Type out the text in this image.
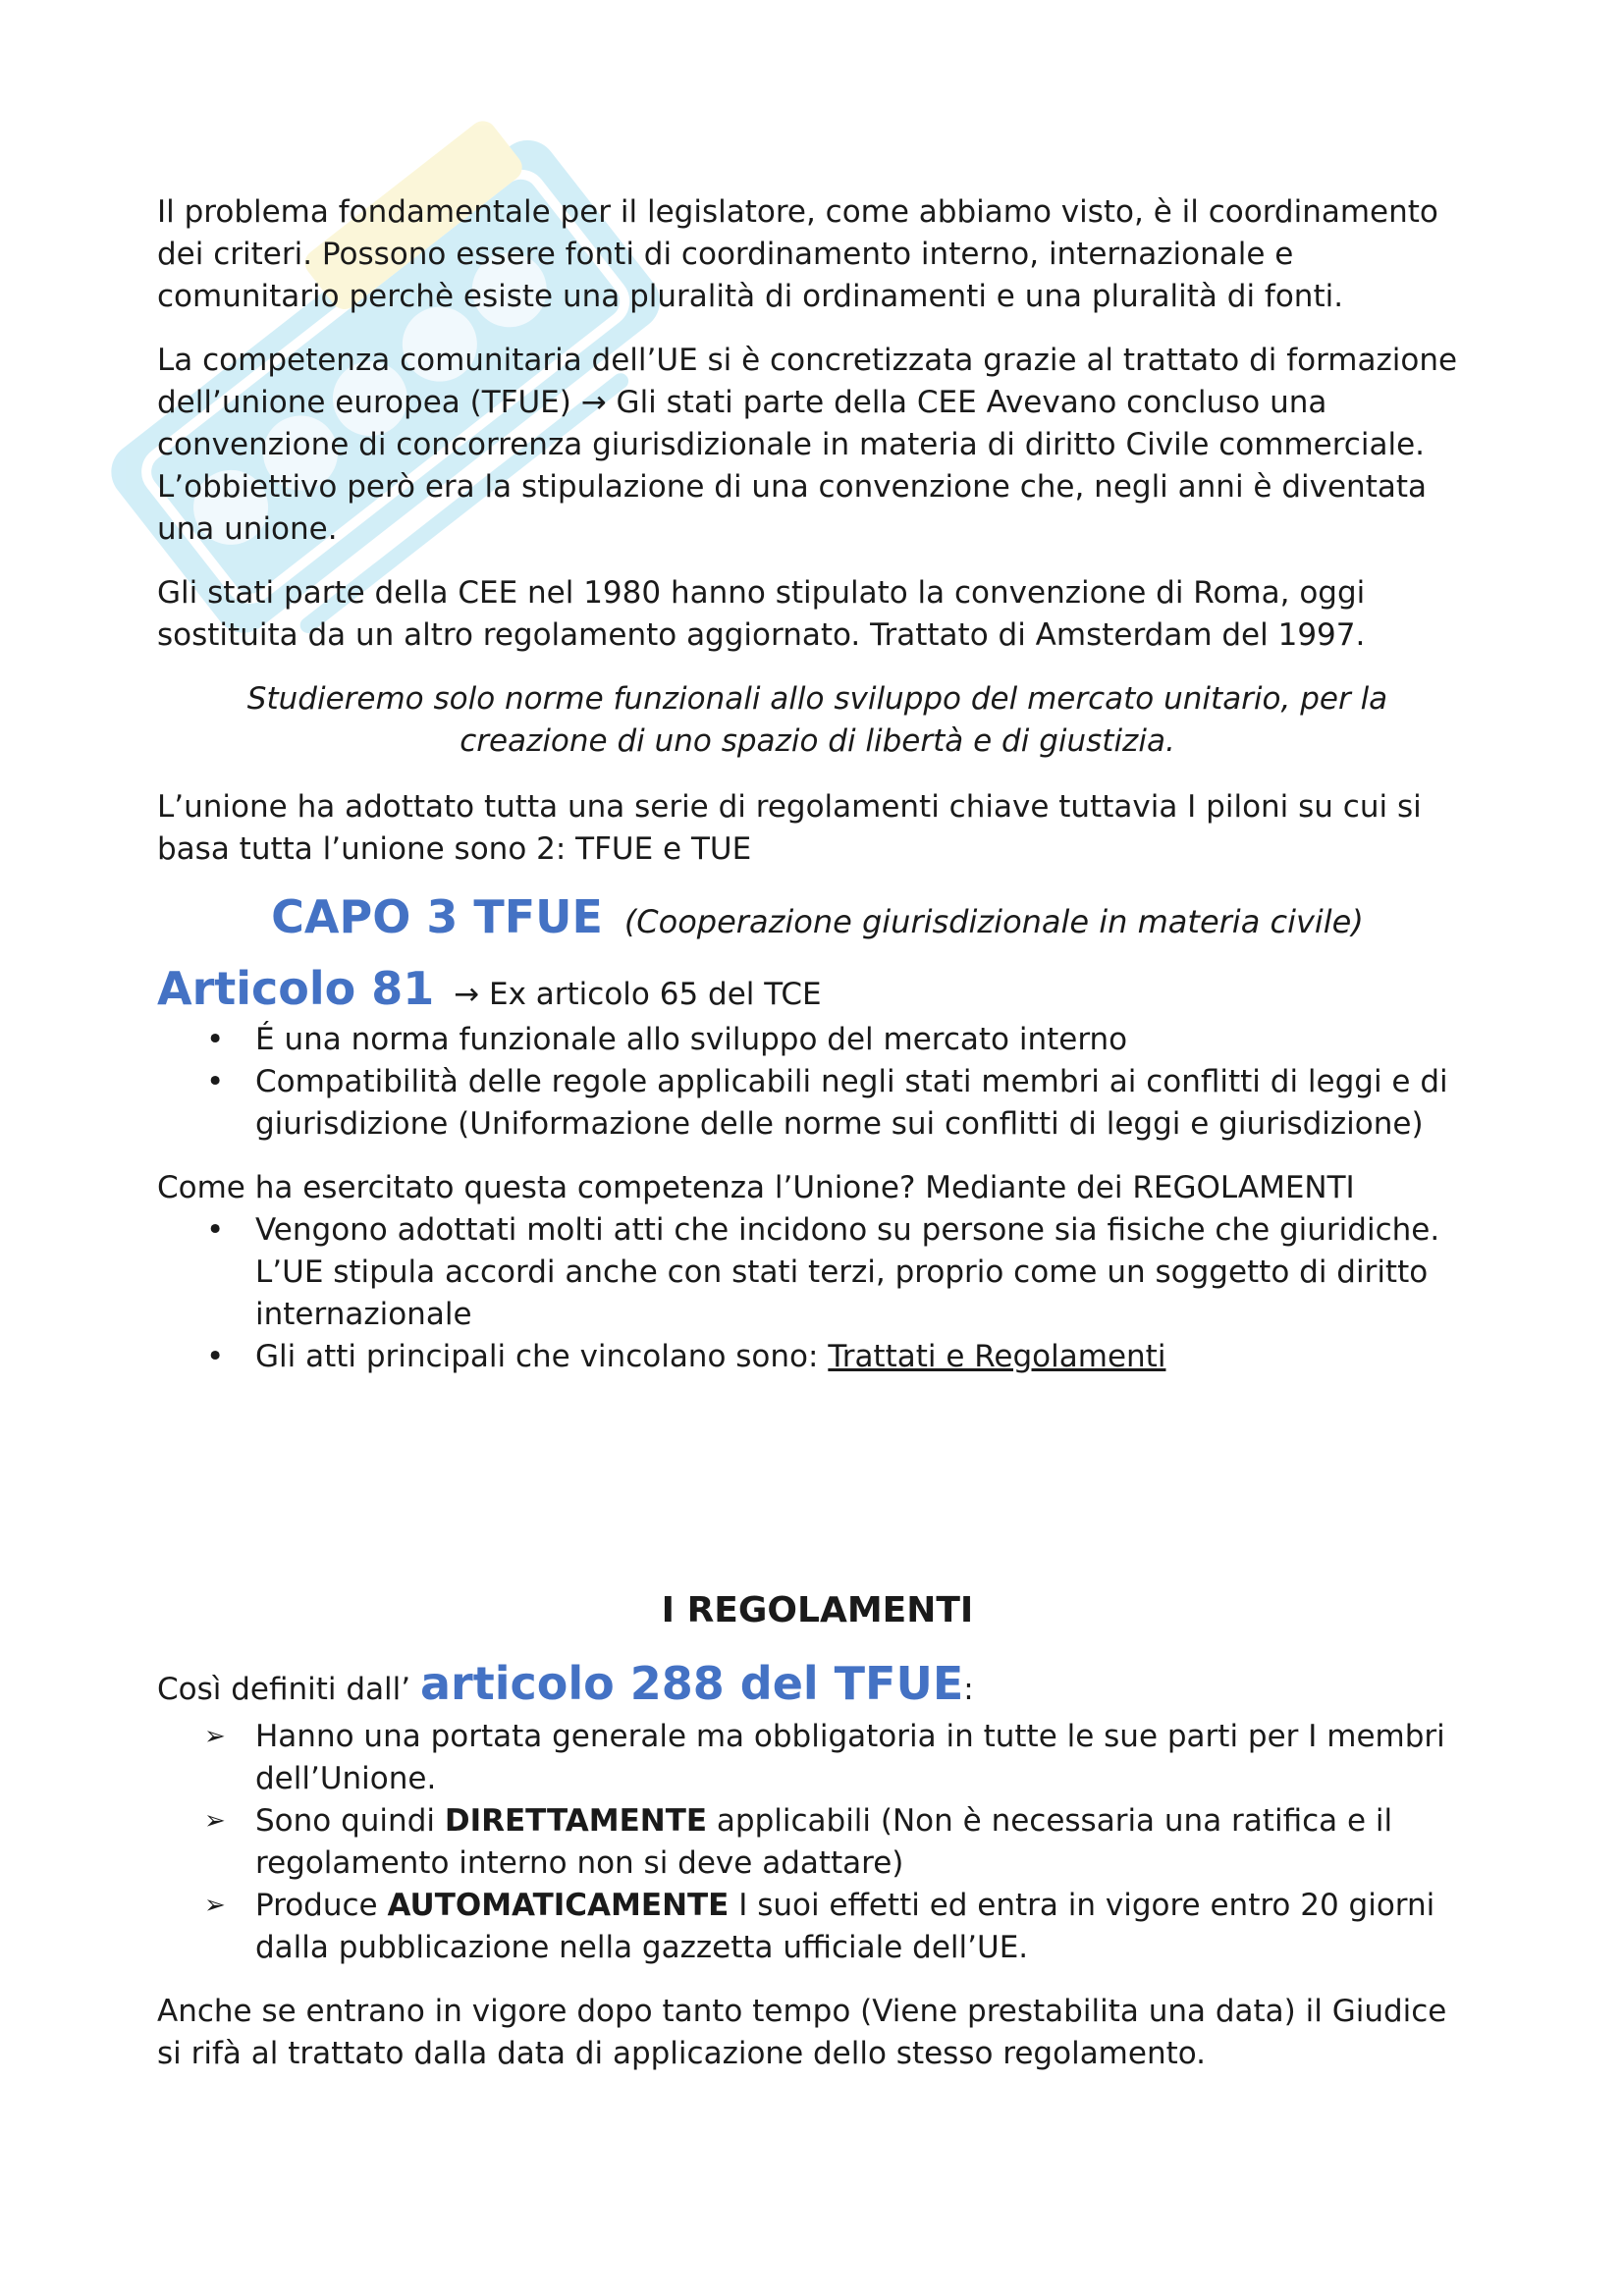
Il problema fondamentale per il legislatore, come abbiamo visto, è il coordinamento dei criteri. Possono essere fonti di coordinamento interno, internazionale e comunitario perchè esiste una pluralità di ordinamenti e una pluralità di fonti.

La competenza comunitaria dell’UE si è concretizzata grazie al trattato di formazione dell’unione europea (TFUE) → Gli stati parte della CEE Avevano concluso una convenzione di concorrenza giurisdizionale in materia di diritto Civile commerciale. L’obbiettivo però era la stipulazione di una convenzione che, negli anni è diventata una unione.

Gli stati parte della CEE nel 1980 hanno stipulato la convenzione di Roma, oggi sostituita da un altro regolamento aggiornato. Trattato di Amsterdam del 1997.

Studieremo solo norme funzionali allo sviluppo del mercato unitario, per la creazione di uno spazio di libertà e di giustizia.

L’unione ha adottato tutta una serie di regolamenti chiave tuttavia I piloni su cui si basa tutta l’unione sono 2: TFUE e TUE

CAPO 3 TFUE (Cooperazione giurisdizionale in materia civile)
Articolo 81 → Ex articolo 65 del TCE
• É una norma funzionale allo sviluppo del mercato interno
• Compatibilità delle regole applicabili negli stati membri ai conflitti di leggi e di giurisdizione (Uniformazione delle norme sui conflitti di leggi e giurisdizione)

Come ha esercitato questa competenza l’Unione? Mediante dei REGOLAMENTI

• Vengono adottati molti atti che incidono su persone sia fisiche che giuridiche. L’UE stipula accordi anche con stati terzi, proprio come un soggetto di diritto internazionale
• Gli atti principali che vincolano sono: Trattati e Regolamenti
I REGOLAMENTI
Così definiti dall’ articolo 288 del TFUE:
➢ Hanno una portata generale ma obbligatoria in tutte le sue parti per I membri dell’Unione.
➢ Sono quindi DIRETTAMENTE applicabili (Non è necessaria una ratifica e il regolamento interno non si deve adattare)
➢ Produce AUTOMATICAMENTE I suoi effetti ed entra in vigore entro 20 giorni dalla pubblicazione nella gazzetta ufficiale dell’UE.

Anche se entrano in vigore dopo tanto tempo (Viene prestabilita una data) il Giudice si rifà al trattato dalla data di applicazione dello stesso regolamento.
